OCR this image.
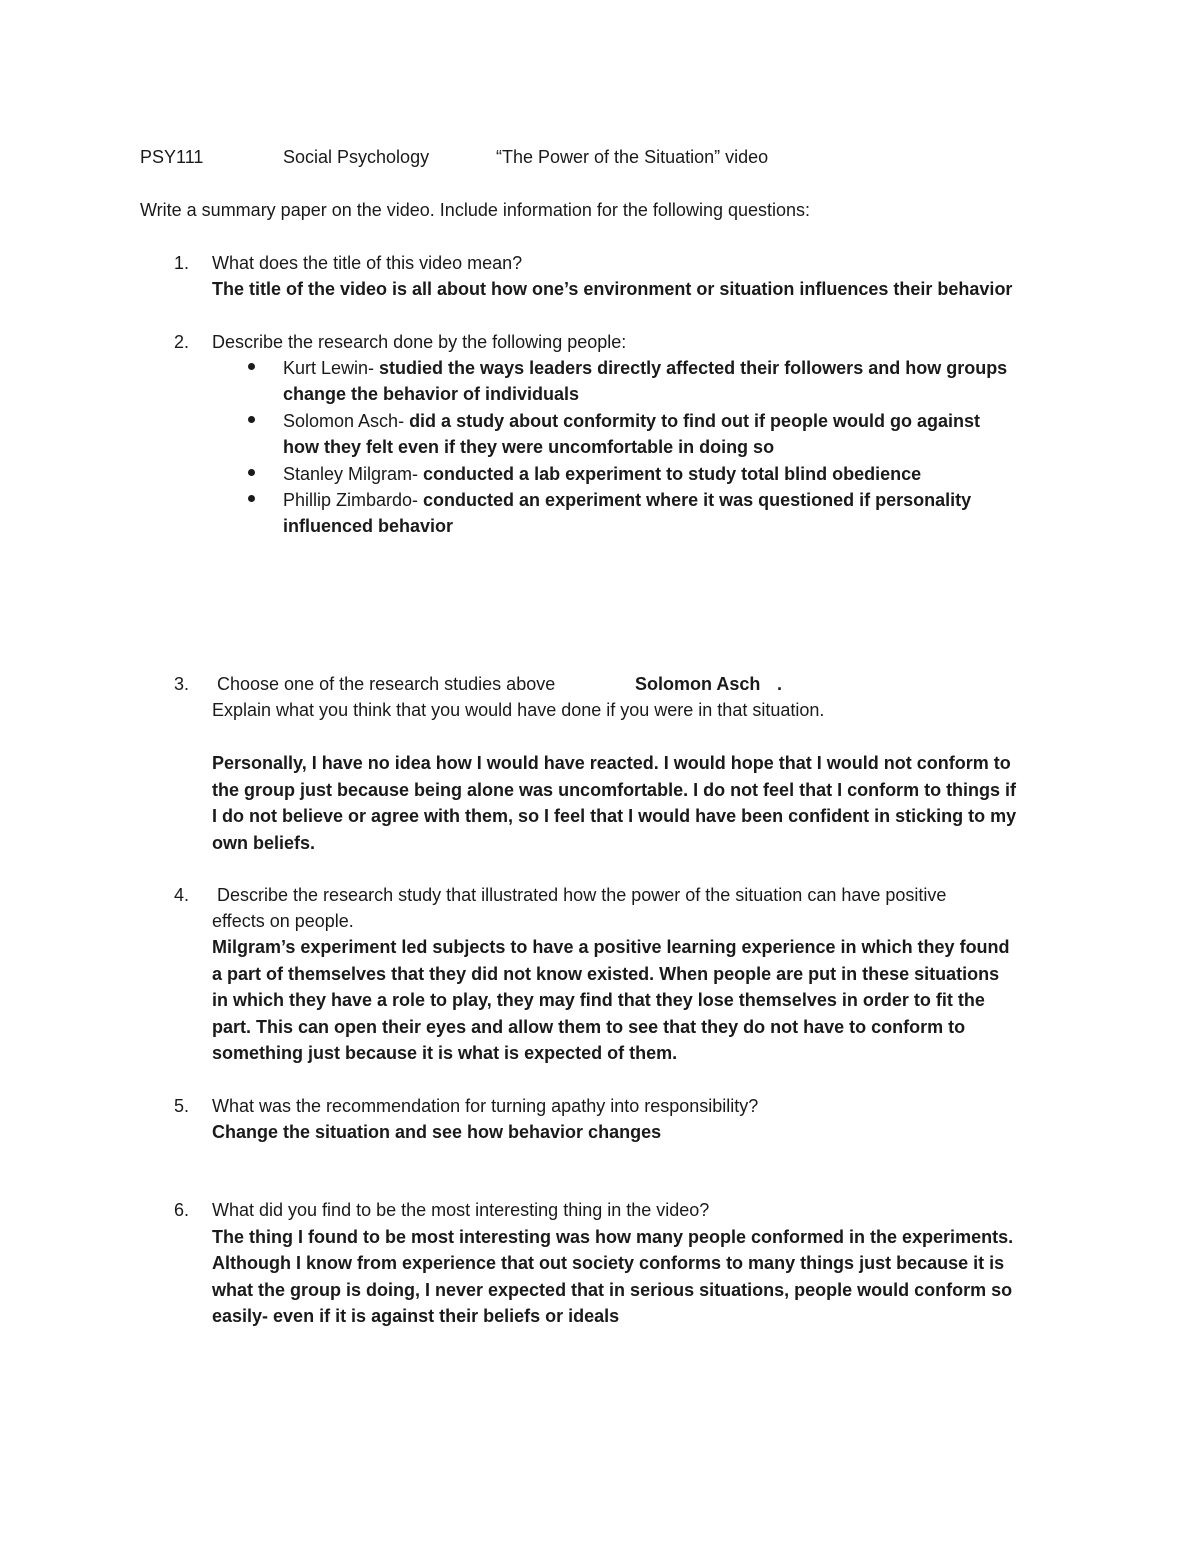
PSY111	Social Psychology	“The Power of the Situation” video
Write a summary paper on the video. Include information for the following questions:
1. What does the title of this video mean?
The title of the video is all about how one’s environment or situation influences their behavior
2. Describe the research done by the following people:
Kurt Lewin- studied the ways leaders directly affected their followers and how groups
change the behavior of individuals
Solomon Asch- did a study about conformity to find out if people would go against
how they felt even if they were uncomfortable in doing so
Stanley Milgram- conducted a lab experiment to study total blind obedience
Phillip Zimbardo- conducted an experiment where it was questioned if personality
influenced behavior
3. Choose one of the research studies above	Solomon Asch .
Explain what you think that you would have done if you were in that situation.
Personally, I have no idea how I would have reacted. I would hope that I would not conform to
the group just because being alone was uncomfortable. I do not feel that I conform to things if
I do not believe or agree with them, so I feel that I would have been confident in sticking to my
own beliefs.
4. Describe the research study that illustrated how the power of the situation can have positive
effects on people.
Milgram’s experiment led subjects to have a positive learning experience in which they found
a part of themselves that they did not know existed. When people are put in these situations
in which they have a role to play, they may find that they lose themselves in order to fit the
part. This can open their eyes and allow them to see that they do not have to conform to
something just because it is what is expected of them.
5. What was the recommendation for turning apathy into responsibility?
Change the situation and see how behavior changes
6. What did you find to be the most interesting thing in the video?
The thing I found to be most interesting was how many people conformed in the experiments.
Although I know from experience that out society conforms to many things just because it is
what the group is doing, I never expected that in serious situations, people would conform so
easily- even if it is against their beliefs or ideals
